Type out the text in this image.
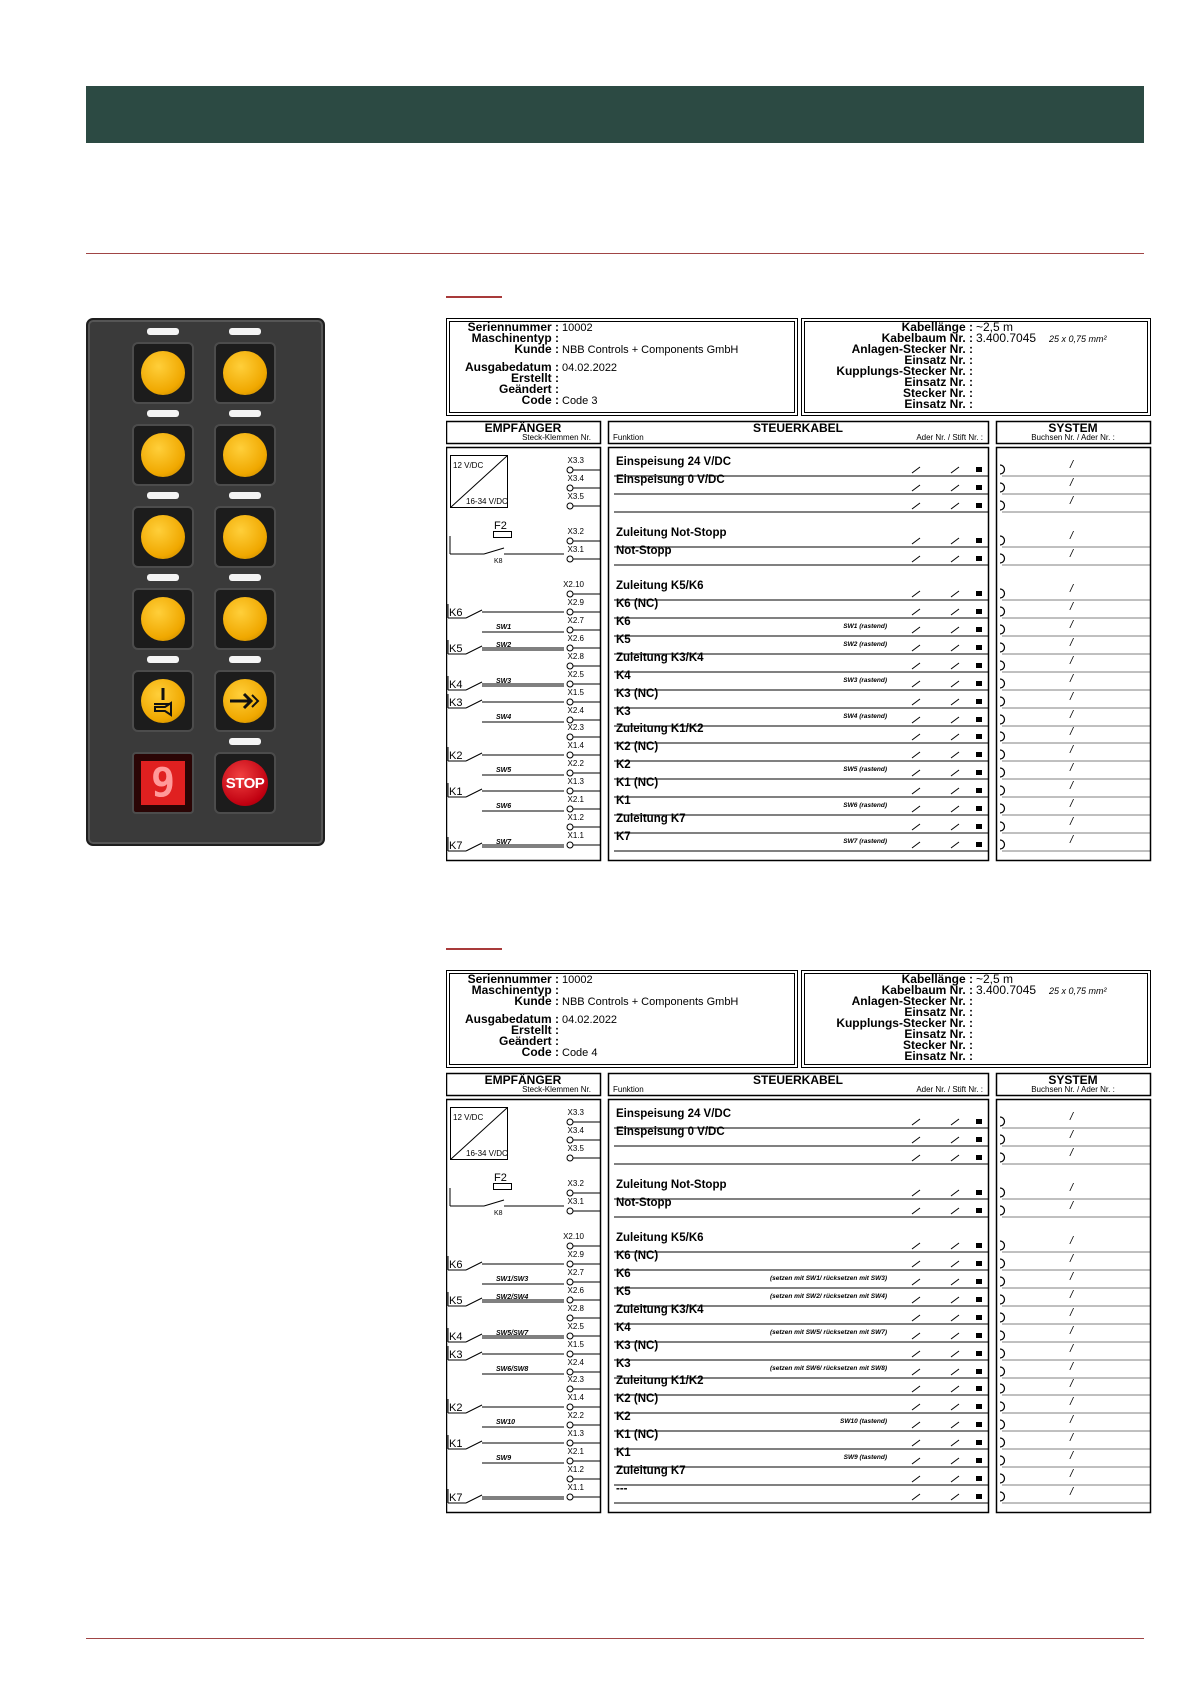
9	STOP
Seriennummer : 10002
Maschinentyp :
Kunde : NBB Controls + Components GmbH
Ausgabedatum : 04.02.2022
Erstellt :
Geändert :
Code : Code 3
Kabellänge : ~2,5 m
Kabelbaum Nr. : 3.400.7045
Anlagen-Stecker Nr. :
Einsatz Nr. :
Kupplungs-Stecker Nr. :
Einsatz Nr. :
Stecker Nr. :
Einsatz Nr. :
25 x 0,75 mm²
EMPFÄNGER
Steck-Klemmen Nr.	Funktion
STEUERKABEL
Ader Nr. / Stift Nr. :
SYSTEM
Buchsen Nr. / Ader Nr. :
12 V/DC
16-34 V/DC
F2
K8
K6
SW1
K5	SW2
K4	SW3
K3
SW4
K2
SW5
K1
SW6
K7	SW7
X3.3	Einspeisung 24 V/DC	/
X3.4	Einspeisung 0 V/DC	/
X3.5	/
X3.2	Zuleitung Not-Stopp	/
X3.1	Not-Stopp	/
X2.10	Zuleitung K5/K6	/
X2.9	K6 (NC)	/
X2.7	K6	SW1 (rastend)	/
X2.6	K5	SW2 (rastend)	/
X2.8	Zuleitung K3/K4	/
X2.5	K4	SW3 (rastend)	/
X1.5	K3 (NC)	/
X2.4	K3	SW4 (rastend)	/
X2.3	Zuleitung K1/K2	/
X1.4	K2 (NC)	/
X2.2	K2	SW5 (rastend)	/
X1.3	K1 (NC)	/
X2.1	K1	SW6 (rastend)	/
X1.2	Zuleitung K7	/
X1.1	K7	SW7 (rastend)	/
Seriennummer : 10002
Maschinentyp :
Kunde : NBB Controls + Components GmbH
Ausgabedatum : 04.02.2022
Erstellt :
Geändert :
Code : Code 4
Kabellänge : ~2,5 m
Kabelbaum Nr. : 3.400.7045
Anlagen-Stecker Nr. :
Einsatz Nr. :
Kupplungs-Stecker Nr. :
Einsatz Nr. :
Stecker Nr. :
Einsatz Nr. :
25 x 0,75 mm²
EMPFÄNGER
Steck-Klemmen Nr.	Funktion
STEUERKABEL
Ader Nr. / Stift Nr. :
SYSTEM
Buchsen Nr. / Ader Nr. :
12 V/DC
16-34 V/DC
F2
K8
K6
SW1/SW3
K5	SW2/SW4
K4	SW5/SW7
K3
SW6/SW8
K2
SW10
K1
SW9
K7
X3.3	Einspeisung 24 V/DC	/
X3.4	Einspeisung 0 V/DC	/
X3.5	/
X3.2	Zuleitung Not-Stopp	/
X3.1	Not-Stopp	/
X2.10	Zuleitung K5/K6	/
X2.9	K6 (NC)	/
X2.7	K6	(setzen mit SW1/ rücksetzen mit SW3)	/
X2.6	K5	(setzen mit SW2/ rücksetzen mit SW4)	/
X2.8	Zuleitung K3/K4	/
X2.5	K4	(setzen mit SW5/ rücksetzen mit SW7)	/
X1.5	K3 (NC)	/
X2.4	K3	(setzen mit SW6/ rücksetzen mit SW8)	/
X2.3	Zuleitung K1/K2	/
X1.4	K2 (NC)	/
X2.2	K2	SW10 (tastend)	/
X1.3	K1 (NC)	/
X2.1	K1	SW9 (tastend)	/
X1.2	Zuleitung K7	/
X1.1	---	/
